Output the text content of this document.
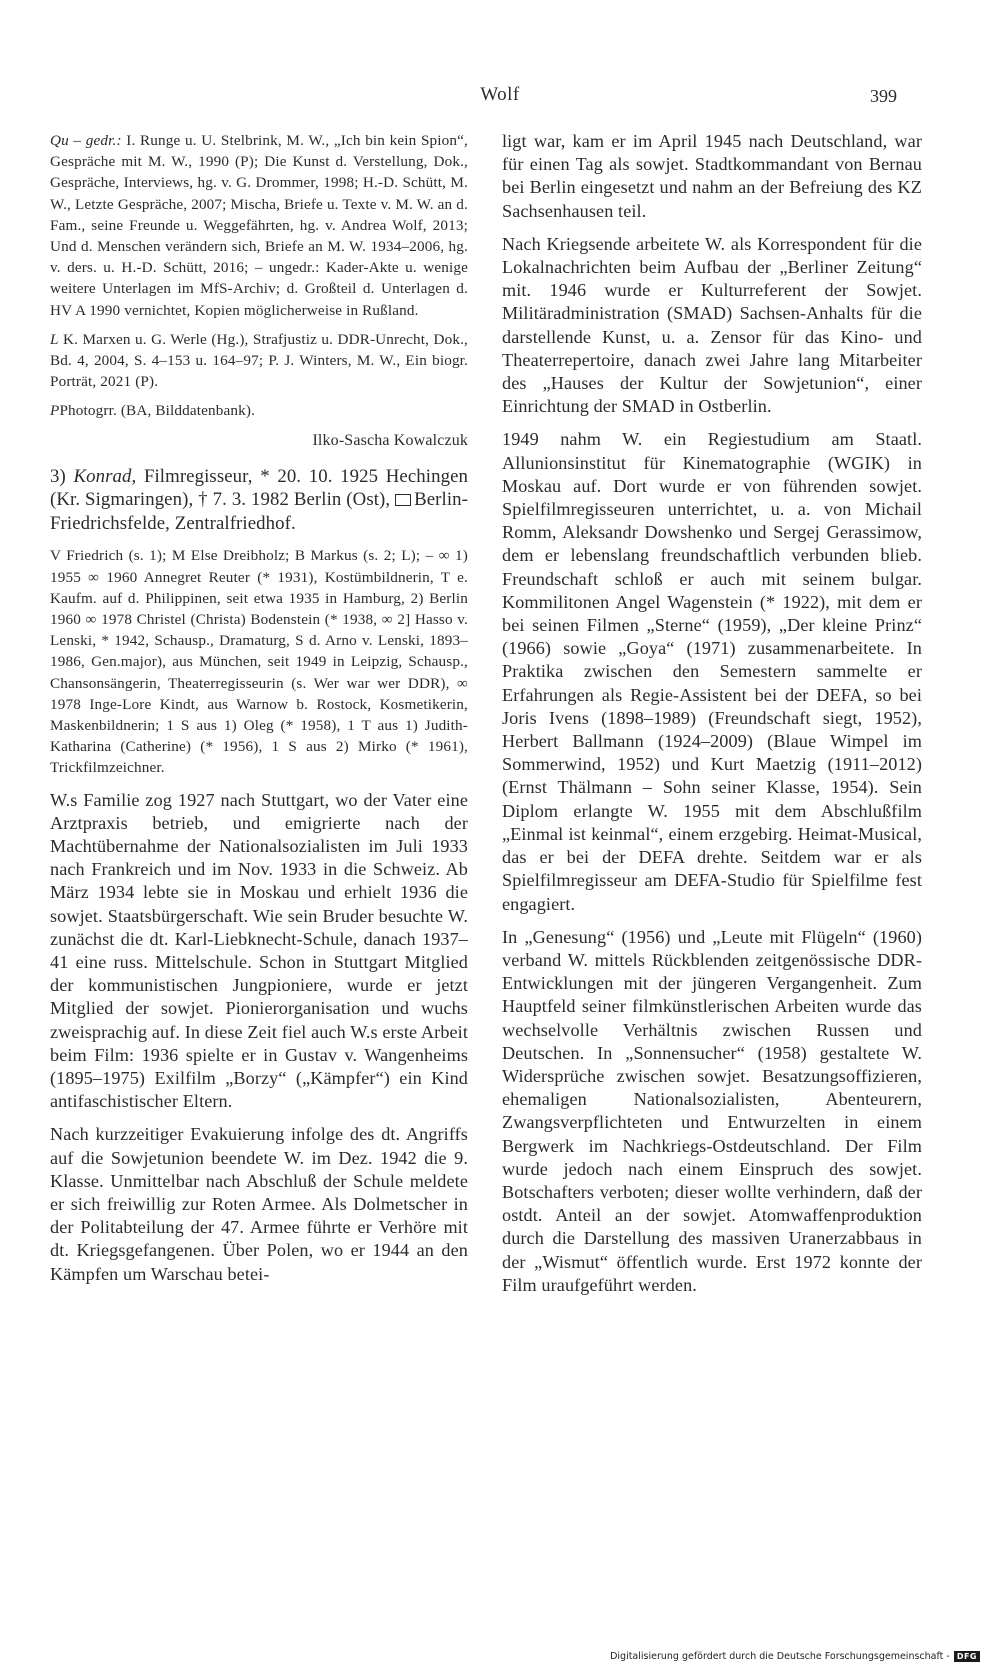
Wolf	399

Qu – gedr.: I. Runge u. U. Stelbrink, M. W., „Ich bin kein Spion“, Gespräche mit M. W., 1990 (P); Die Kunst d. Verstellung, Dok., Gespräche, Interviews, hg. v. G. Drommer, 1998; H.-D. Schütt, M. W., Letzte Gespräche, 2007; Mischa, Briefe u. Texte v. M. W. an d. Fam., seine Freunde u. Weggefährten, hg. v. Andrea Wolf, 2013; Und d. Menschen verändern sich, Briefe an M. W. 1934–2006, hg. v. ders. u. H.-D. Schütt, 2016; – ungedr.: Kader-Akte u. wenige weitere Unterlagen im MfS-Archiv; d. Großteil d. Unterlagen d. HV A 1990 vernichtet, Kopien möglicherweise in Rußland.

L K. Marxen u. G. Werle (Hg.), Strafjustiz u. DDR-Unrecht, Dok., Bd. 4, 2004, S. 4–153 u. 164–97; P. J. Winters, M. W., Ein biogr. Porträt, 2021 (P).

PPhotogrr. (BA, Bilddatenbank).

Ilko-Sascha Kowalczuk

3) Konrad, Filmregisseur, * 20. 10. 1925 Hechingen (Kr. Sigmaringen), † 7. 3. 1982 Berlin (Ost), Berlin-Friedrichsfelde, Zentralfriedhof.

V Friedrich (s. 1); M Else Dreibholz; B Markus (s. 2; L); – ∞ 1) 1955 ∞ 1960 Annegret Reuter (* 1931), Kostümbildnerin, T e. Kaufm. auf d. Philippinen, seit etwa 1935 in Hamburg, 2) Berlin 1960 ∞ 1978 Christel (Christa) Bodenstein (* 1938, ∞ 2] Hasso v. Lenski, * 1942, Schausp., Dramaturg, S d. Arno v. Lenski, 1893–1986, Gen.major), aus München, seit 1949 in Leipzig, Schausp., Chansonsängerin, Theaterregisseurin (s. Wer war wer DDR), ∞ 1978 Inge-Lore Kindt, aus Warnow b. Rostock, Kosmetikerin, Maskenbildnerin; 1 S aus 1) Oleg (* 1958), 1 T aus 1) Judith-Katharina (Catherine) (* 1956), 1 S aus 2) Mirko (* 1961), Trickfilmzeichner.

W.s Familie zog 1927 nach Stuttgart, wo der Vater eine Arztpraxis betrieb, und emigrierte nach der Machtübernahme der Nationalsozialisten im Juli 1933 nach Frankreich und im Nov. 1933 in die Schweiz. Ab März 1934 lebte sie in Moskau und erhielt 1936 die sowjet. Staatsbürgerschaft. Wie sein Bruder besuchte W. zunächst die dt. Karl-Liebknecht-Schule, danach 1937–41 eine russ. Mittelschule. Schon in Stuttgart Mitglied der kommunistischen Jungpioniere, wurde er jetzt Mitglied der sowjet. Pionierorganisation und wuchs zweisprachig auf. In diese Zeit fiel auch W.s erste Arbeit beim Film: 1936 spielte er in Gustav v. Wangenheims (1895–1975) Exilfilm „Borzy“ („Kämpfer“) ein Kind antifaschistischer Eltern.

Nach kurzzeitiger Evakuierung infolge des dt. Angriffs auf die Sowjetunion beendete W. im Dez. 1942 die 9. Klasse. Unmittelbar nach Abschluß der Schule meldete er sich freiwillig zur Roten Armee. Als Dolmetscher in der Politabteilung der 47. Armee führte er Verhöre mit dt. Kriegsgefangenen. Über Polen, wo er 1944 an den Kämpfen um Warschau betei-

ligt war, kam er im April 1945 nach Deutschland, war für einen Tag als sowjet. Stadtkommandant von Bernau bei Berlin eingesetzt und nahm an der Befreiung des KZ Sachsenhausen teil.

Nach Kriegsende arbeitete W. als Korrespondent für die Lokalnachrichten beim Aufbau der „Berliner Zeitung“ mit. 1946 wurde er Kulturreferent der Sowjet. Militäradministration (SMAD) Sachsen-Anhalts für die darstellende Kunst, u. a. Zensor für das Kino- und Theaterrepertoire, danach zwei Jahre lang Mitarbeiter des „Hauses der Kultur der Sowjetunion“, einer Einrichtung der SMAD in Ostberlin.

1949 nahm W. ein Regiestudium am Staatl. Allunionsinstitut für Kinematographie (WGIK) in Moskau auf. Dort wurde er von führenden sowjet. Spielfilmregisseuren unterrichtet, u. a. von Michail Romm, Aleksandr Dowshenko und Sergej Gerassimow, dem er lebenslang freundschaftlich verbunden blieb. Freundschaft schloß er auch mit seinem bulgar. Kommilitonen Angel Wagenstein (* 1922), mit dem er bei seinen Filmen „Sterne“ (1959), „Der kleine Prinz“ (1966) sowie „Goya“ (1971) zusammenarbeitete. In Praktika zwischen den Semestern sammelte er Erfahrungen als Regie-Assistent bei der DEFA, so bei Joris Ivens (1898–1989) (Freundschaft siegt, 1952), Herbert Ballmann (1924–2009) (Blaue Wimpel im Sommerwind, 1952) und Kurt Maetzig (1911–2012) (Ernst Thälmann – Sohn seiner Klasse, 1954). Sein Diplom erlangte W. 1955 mit dem Abschlußfilm „Einmal ist keinmal“, einem erzgebirg. Heimat-Musical, das er bei der DEFA drehte. Seitdem war er als Spielfilmregisseur am DEFA-Studio für Spielfilme fest engagiert.

In „Genesung“ (1956) und „Leute mit Flügeln“ (1960) verband W. mittels Rückblenden zeitgenössische DDR-Entwicklungen mit der jüngeren Vergangenheit. Zum Hauptfeld seiner filmkünstlerischen Arbeiten wurde das wechselvolle Verhältnis zwischen Russen und Deutschen. In „Sonnensucher“ (1958) gestaltete W. Widersprüche zwischen sowjet. Besatzungsoffizieren, ehemaligen Nationalsozialisten, Abenteurern, Zwangsverpflichteten und Entwurzelten in einem Bergwerk im Nachkriegs-Ostdeutschland. Der Film wurde jedoch nach einem Einspruch des sowjet. Botschafters verboten; dieser wollte verhindern, daß der ostdt. Anteil an der sowjet. Atomwaffenproduktion durch die Darstellung des massiven Uranerzabbaus in der „Wismut“ öffentlich wurde. Erst 1972 konnte der Film uraufgeführt werden.

Digitalisierung gefördert durch die Deutsche Forschungsgemeinschaft - DFG
